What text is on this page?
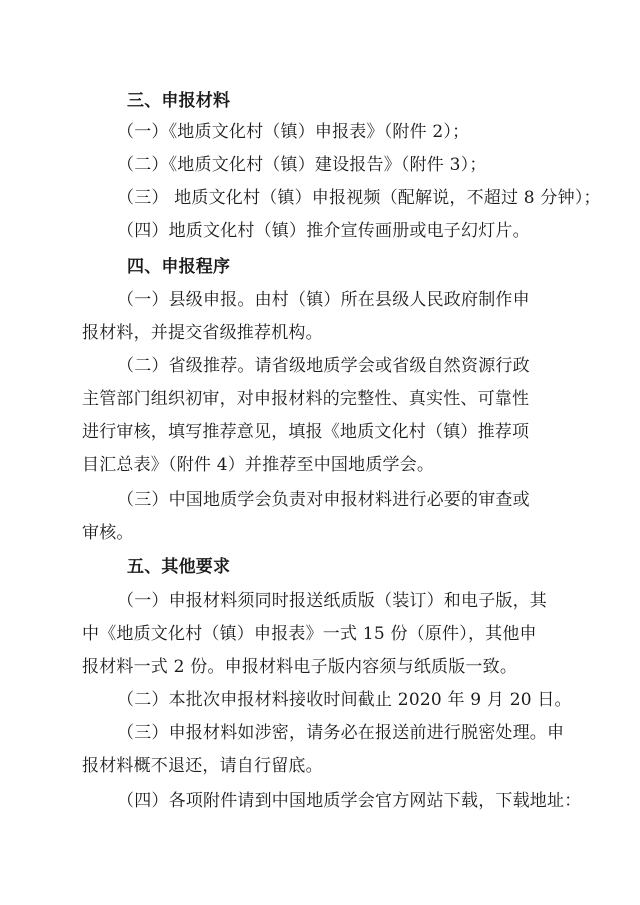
三、申报材料
（一）《地质文化村（镇）申报表》（附件 2）；
（二）《地质文化村（镇）建设报告》（附件 3）；
（三） 地质文化村（镇）申报视频（配解说，不超过 8 分钟）；
（四）地质文化村（镇）推介宣传画册或电子幻灯片。
四、申报程序
（一）县级申报。由村（镇）所在县级人民政府制作申
报材料，并提交省级推荐机构。
（二）省级推荐。请省级地质学会或省级自然资源行政
主管部门组织初审，对申报材料的完整性、真实性、可靠性
进行审核，填写推荐意见，填报《地质文化村（镇）推荐项
目汇总表》（附件 4）并推荐至中国地质学会。
（三）中国地质学会负责对申报材料进行必要的审查或
审核。
五、其他要求
（一）申报材料须同时报送纸质版（装订）和电子版，其
中《地质文化村（镇）申报表》一式 15 份（原件），其他申
报材料一式 2 份。申报材料电子版内容须与纸质版一致。
（二）本批次申报材料接收时间截止 2020 年 9 月 20 日。
（三）申报材料如涉密，请务必在报送前进行脱密处理。申
报材料概不退还，请自行留底。
（四）各项附件请到中国地质学会官方网站下载，下载地址：
